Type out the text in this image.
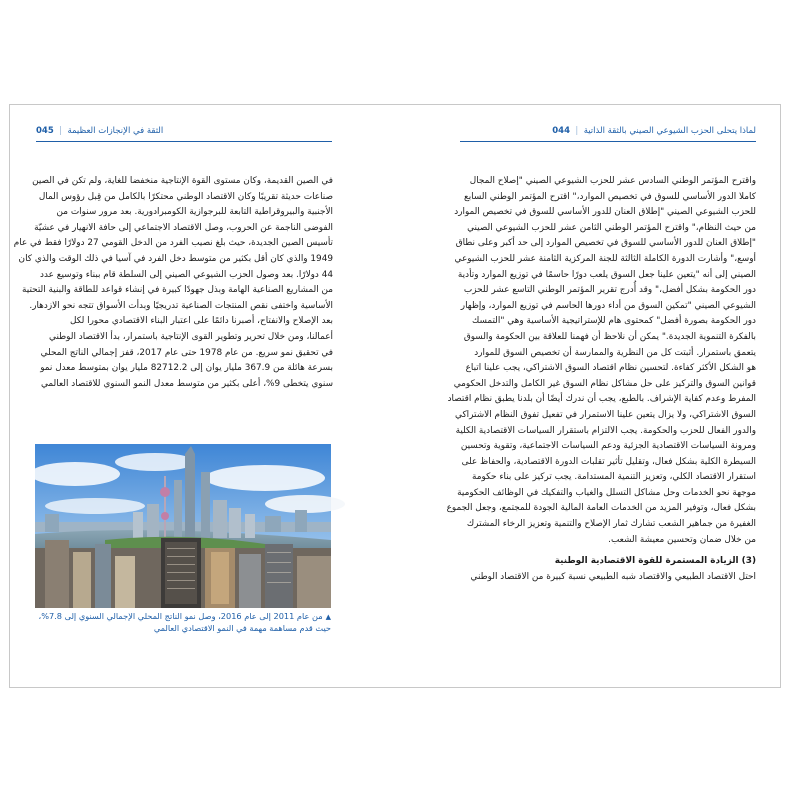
045  |  الثقة في الإنجازات العظيمة	لماذا يتحلى الحزب الشيوعي الصيني بالثقة الذاتية  |  044

في الصين القديمة، وكان مستوى القوة الإنتاجية منخفضا للغاية، ولم تكن في الصين

صناعات حديثة تقريبًا وكان الاقتصاد الوطني محتكرًا بالكامل من قِبل رؤوس المال

الأجنبية والبيروقراطية التابعة للبرجوازية الكومبرادورية. بعد مرور سنوات من

الفوضى الناجمة عن الحروب، وصل الاقتصاد الاجتماعي إلى حافة الانهيار في عشيّة

تأسيس الصين الجديدة، حيث بلغ نصيب الفرد من الدخل القومي 27 دولارًا فقط في عام

1949 والذي كان أقل بكثير من متوسط دخل الفرد في آسيا في ذلك الوقت والذي كان

44 دولارًا. بعد وصول الحزب الشيوعي الصيني إلى السلطة قام ببناء وتوسيع عدد

من المشاريع الصناعية الهامة وبذل جهودًا كبيرة في إنشاء قواعد للطاقة والبنية التحتية

الأساسية واختفى نقص المنتجات الصناعية تدريجيًا وبدأت الأسواق تتجه نحو الازدهار.

بعد الإصلاح والانفتاح، أصبرنا دائمًا على اعتبار البناء الاقتصادي محورا لكل

أعمالنا، ومن خلال تحرير وتطوير القوى الإنتاجية باستمرار، بدأ الاقتصاد الوطني

في تحقيق نمو سريع. من عام 1978 حتى عام 2017، قفز إجمالي الناتج المحلي

بسرعة هائلة من 367.9 مليار يوان إلى 82712.2 مليار يوان بمتوسط معدل نمو

سنوي يتخطى 9%، أعلى بكثير من متوسط معدل النمو السنوي للاقتصاد العالمي

▲من عام 2011 إلى عام 2016، وصل نمو الناتج المحلي الإجمالي السنوي إلى 7.8%، حيث قدم مساهمة مهمة في النمو الاقتصادي العالمي

واقترح المؤتمر الوطني السادس عشر للحزب الشيوعي الصيني "إصلاح المجال

كاملا الدور الأساسي للسوق في تخصيص الموارد،" اقترح المؤتمر الوطني السابع

للحزب الشيوعي الصيني "إطلاق العنان للدور الأساسي للسوق في تخصيص الموارد

من حيث النظام،" واقترح المؤتمر الوطني الثامن عشر للحزب الشيوعي الصيني

"إطلاق العنان للدور الأساسي للسوق في تخصيص الموارد إلى حد أكبر وعلى نطاق

أوسع،" وأشارت الدورة الكاملة الثالثة للجنة المركزية الثامنة عشر للحزب الشيوعي

الصيني إلى أنه "يتعين علينا جعل السوق يلعب دورًا حاسمًا في توزيع الموارد وتأدية

دور الحكومة بشكل أفضل،" وقد أُدرج تقرير المؤتمر الوطني التاسع عشر للحزب

الشيوعي الصيني "تمكين السوق من أداء دورها الحاسم في توزيع الموارد، وإظهار

دور الحكومة بصورة أفضل" كمحتوى هام للإستراتيجية الأساسية وهي "التمسك

بالفكرة التنموية الجديدة." يمكن أن نلاحظ أن فهمنا للعلاقة بين الحكومة والسوق

يتعمق باستمرار. أثبتت كل من النظرية والممارسة أن تخصيص السوق للموارد

هو الشكل الأكثر كفاءة. لتحسين نظام اقتصاد السوق الاشتراكي، يجب علينا اتباع

قوانين السوق والتركيز على حل مشاكل نظام السوق غير الكامل والتدخل الحكومي

المفرط وعدم كفاية الإشراف. بالطبع، يجب أن ندرك أيضًا أن بلدنا يطبق نظام اقتصاد

السوق الاشتراكي، ولا يزال يتعين علينا الاستمرار في تفعيل تفوق النظام الاشتراكي

والدور الفعال للحزب والحكومة. يجب الالتزام باستقرار السياسات الاقتصادية الكلية

ومرونة السياسات الاقتصادية الجزئية ودعم السياسات الاجتماعية، وتقوية وتحسين

السيطرة الكلية بشكل فعال، وتقليل تأثير تقلبات الدورة الاقتصادية، والحفاظ على

استقرار الاقتصاد الكلي، وتعزيز التنمية المستدامة. يجب تركيز على بناء حكومة

موجهة نحو الخدمات وحل مشاكل التسلل والغياب والتفكيك في الوظائف الحكومية

بشكل فعال، وتوفير المزيد من الخدمات العامة المالية الجودة للمجتمع، وجعل الجموع

الغفيرة من جماهير الشعب تشارك ثمار الإصلاح والتنمية وتعزيز الرخاء المشترك

من خلال ضمان وتحسين معيشة الشعب.

(3) الزيادة المستمرة للقوة الاقتصادية الوطنية

احتل الاقتصاد الطبيعي والاقتصاد شبه الطبيعي نسبة كبيرة من الاقتصاد الوطني
